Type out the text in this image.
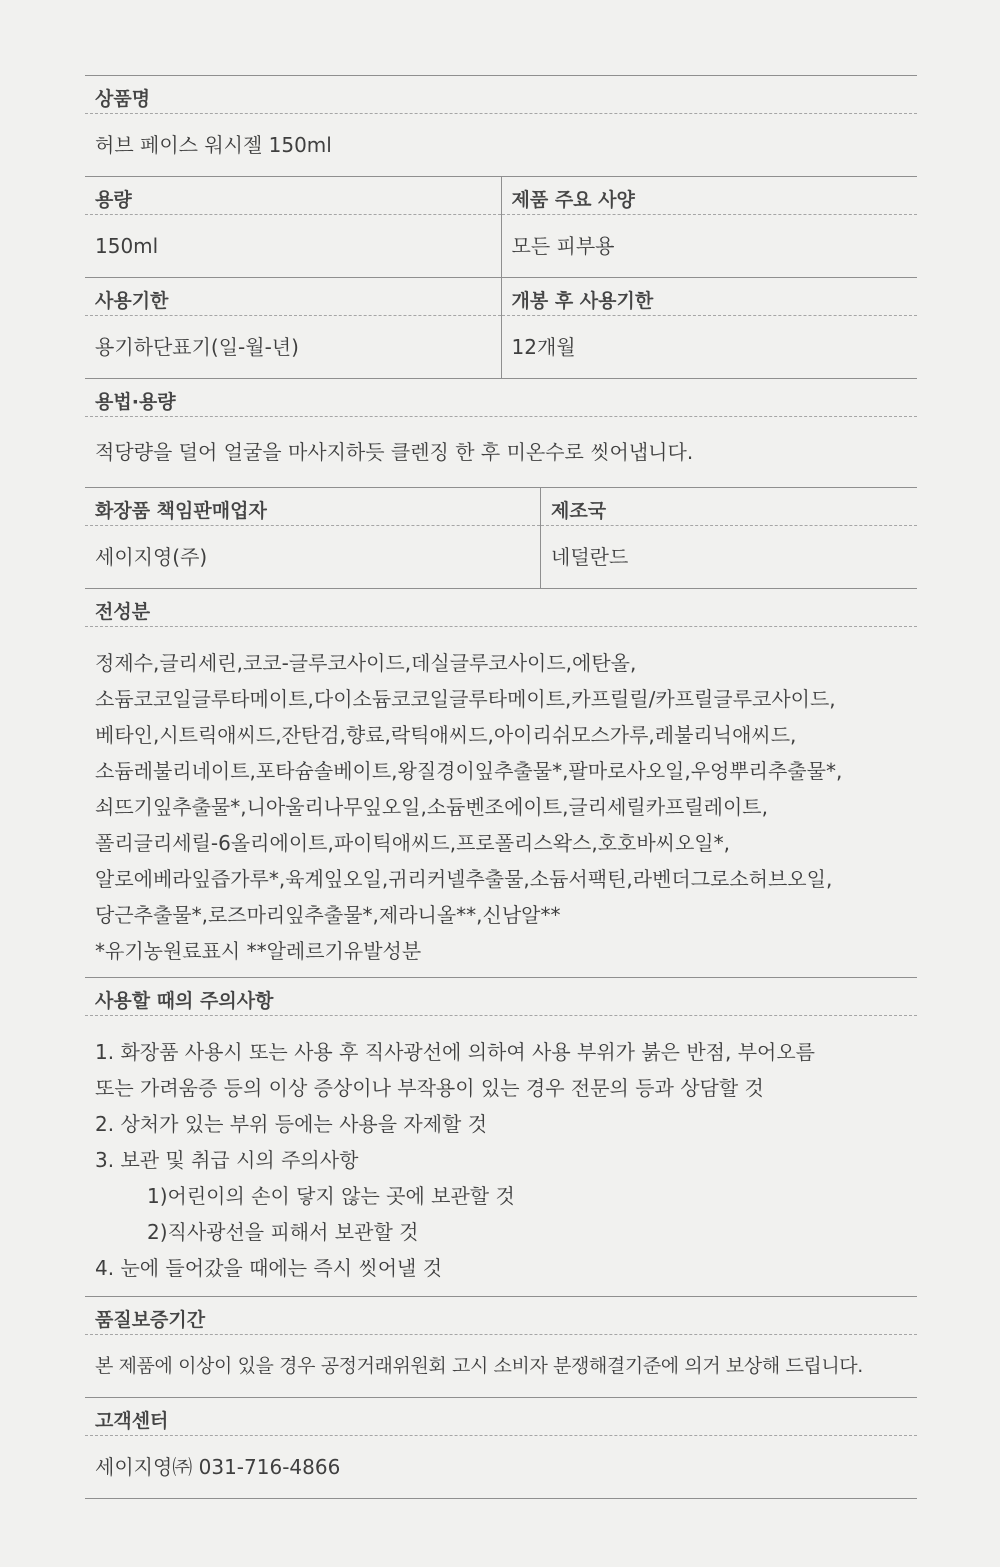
상품명
허브 페이스 워시젤 150ml
용량
150ml
제품 주요 사양
모든 피부용
사용기한
용기하단표기(일-월-년)
개봉 후 사용기한
12개월
용법·용량
적당량을 덜어 얼굴을 마사지하듯 클렌징 한 후 미온수로 씻어냅니다.
화장품 책임판매업자
세이지영(주)
제조국
네덜란드
전성분
정제수,글리세린,코코-글루코사이드,데실글루코사이드,에탄올,
소듐코코일글루타메이트,다이소듐코코일글루타메이트,카프릴릴/카프릴글루코사이드,
베타인,시트릭애씨드,잔탄검,향료,락틱애씨드,아이리쉬모스가루,레불리닉애씨드,
소듐레불리네이트,포타슘솔베이트,왕질경이잎추출물*,팔마로사오일,우엉뿌리추출물*,
쇠뜨기잎추출물*,니아울리나무잎오일,소듐벤조에이트,글리세릴카프릴레이트,
폴리글리세릴-6올리에이트,파이틱애씨드,프로폴리스왁스,호호바씨오일*,
알로에베라잎즙가루*,육계잎오일,귀리커넬추출물,소듐서팩틴,라벤더그로소허브오일,
당근추출물*,로즈마리잎추출물*,제라니올**,신남알**
*유기농원료표시 **알레르기유발성분
사용할 때의 주의사항
1. 화장품 사용시 또는 사용 후 직사광선에 의하여 사용 부위가 붉은 반점, 부어오름
또는 가려움증 등의 이상 증상이나 부작용이 있는 경우 전문의 등과 상담할 것
2. 상처가 있는 부위 등에는 사용을 자제할 것
3. 보관 및 취급 시의 주의사항
1)어린이의 손이 닿지 않는 곳에 보관할 것
2)직사광선을 피해서 보관할 것
4. 눈에 들어갔을 때에는 즉시 씻어낼 것
품질보증기간
본 제품에 이상이 있을 경우 공정거래위원회 고시 소비자 분쟁해결기준에 의거 보상해 드립니다.
고객센터
세이지영㈜ 031-716-4866
